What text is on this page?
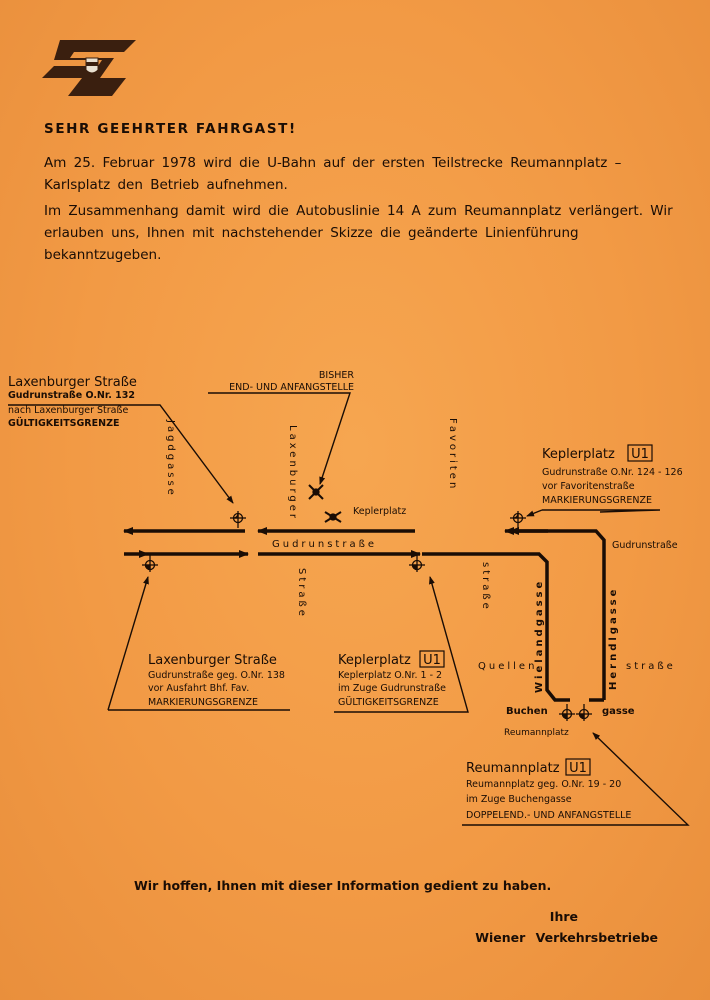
SEHR GEEHRTER FAHRGAST!

Am 25. Februar 1978 wird die U-Bahn auf der ersten Teilstrecke Reumannplatz – Karlsplatz den Betrieb aufnehmen.

Im Zusammenhang damit wird die Autobuslinie 14 A zum Reumannplatz verlängert. Wir erlauben uns, Ihnen mit nachstehender Skizze die geänderte Linienführung bekanntzugeben.

Laxenburger Straße
Gudrunstraße O.Nr. 132
nach Laxenburger Straße
GÜLTIGKEITSGRENZE
BISHER
END- UND ANFANGSTELLE
Keplerplatz U1
Gudrunstraße O.Nr. 124 - 126
vor Favoritenstraße
MARKIERUNGSGRENZE
Laxenburger Straße
Gudrunstraße geg. O.Nr. 138
vor Ausfahrt Bhf. Fav.
MARKIERUNGSGRENZE
Keplerplatz U1
Keplerplatz O.Nr. 1 - 2
im Zuge Gudrunstraße
GÜLTIGKEITSGRENZE
Reumannplatz U1
Reumannplatz geg. O.Nr. 19 - 20
im Zuge Buchengasse
DOPPELEND.- UND ANFANGSTELLE
Jagdgasse	Laxenburger
Straße
Favoriten
straße
Gudrunstraße	Gudrunstraße
Keplerplatz
Wielandgasse	Herndlgasse
Quellen	straße
Buchen	gasse
Reumannplatz
Wir hoffen, Ihnen mit dieser Information gedient zu haben.
Ihre
Wiener Verkehrsbetriebe
